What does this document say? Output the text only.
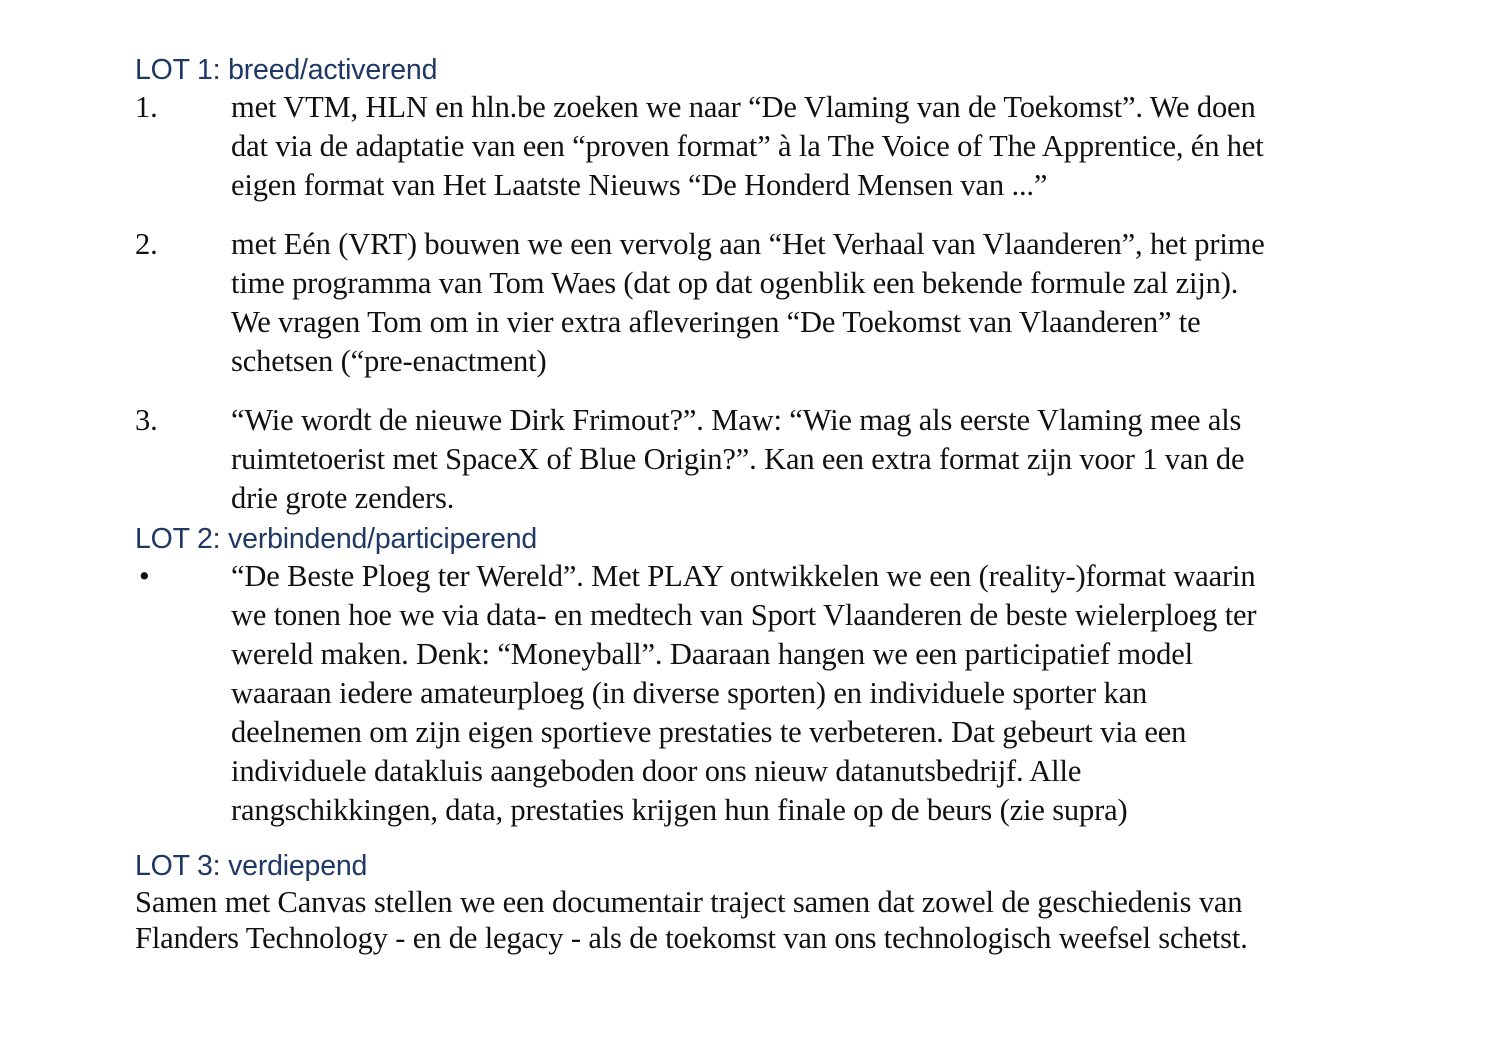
LOT 1: breed/activerend
1.	met VTM, HLN en hln.be zoeken we naar “De Vlaming van de Toekomst”. We doen
dat via de adaptatie van een “proven format” à la The Voice of The Apprentice, én het
eigen format van Het Laatste Nieuws “De Honderd Mensen van ...”
2.	met Eén (VRT) bouwen we een vervolg aan “Het Verhaal van Vlaanderen”, het prime
time programma van Tom Waes (dat op dat ogenblik een bekende formule zal zijn).
We vragen Tom om in vier extra afleveringen “De Toekomst van Vlaanderen” te
schetsen (“pre-enactment)
3.	“Wie wordt de nieuwe Dirk Frimout?”. Maw: “Wie mag als eerste Vlaming mee als
ruimtetoerist met SpaceX of Blue Origin?”. Kan een extra format zijn voor 1 van de
drie grote zenders.
LOT 2: verbindend/participerend
•	“De Beste Ploeg ter Wereld”. Met PLAY ontwikkelen we een (reality-)format waarin
we tonen hoe we via data- en medtech van Sport Vlaanderen de beste wielerploeg ter
wereld maken. Denk: “Moneyball”. Daaraan hangen we een participatief model
waaraan iedere amateurploeg (in diverse sporten) en individuele sporter kan
deelnemen om zijn eigen sportieve prestaties te verbeteren. Dat gebeurt via een
individuele datakluis aangeboden door ons nieuw datanutsbedrijf. Alle
rangschikkingen, data, prestaties krijgen hun finale op de beurs (zie supra)
LOT 3: verdiepend
Samen met Canvas stellen we een documentair traject samen dat zowel de geschiedenis van
Flanders Technology - en de legacy - als de toekomst van ons technologisch weefsel schetst.
